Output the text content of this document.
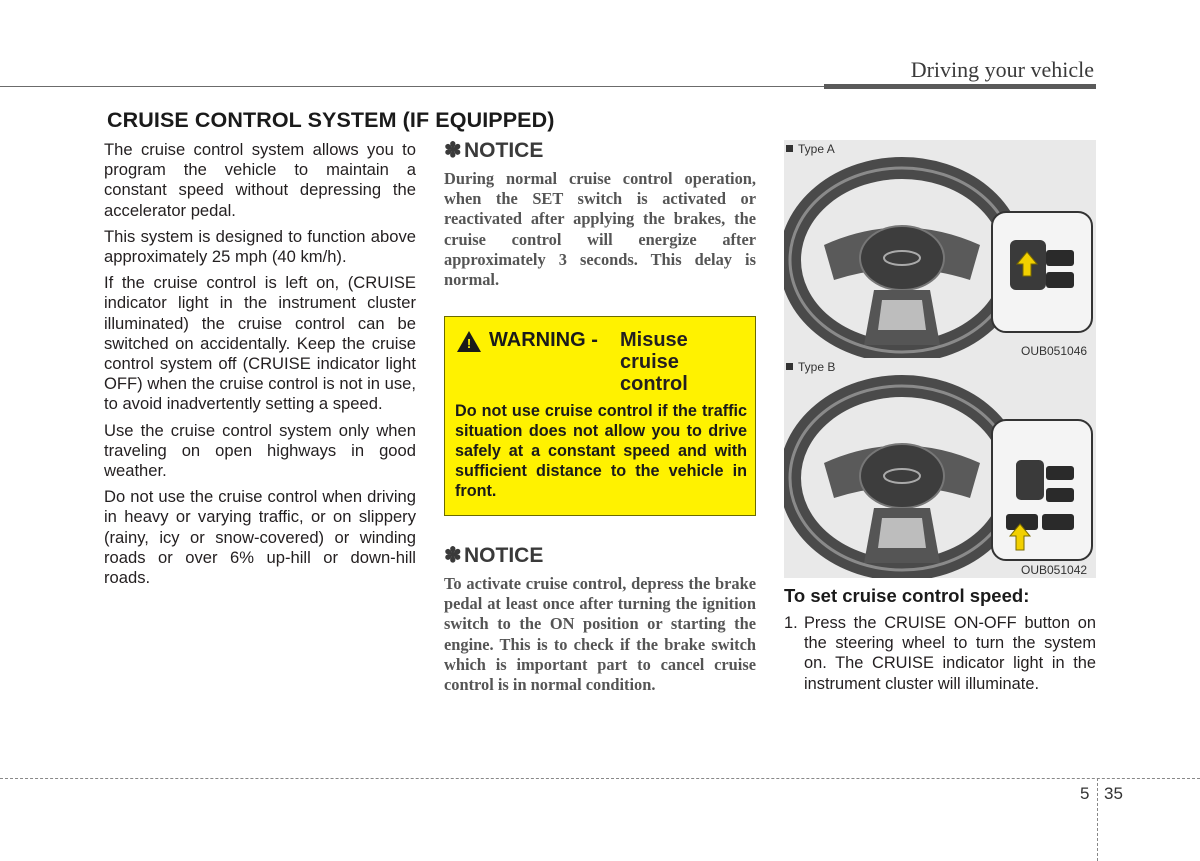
Driving your vehicle
CRUISE CONTROL SYSTEM (IF EQUIPPED)

The cruise control system allows you to program the vehicle to maintain a constant speed without depressing the accelerator pedal.

This system is designed to function above approximately 25 mph (40 km/h).

If the cruise control is left on, (CRUISE indicator light in the instrument cluster illuminated) the cruise control can be switched on accidentally. Keep the cruise control system off (CRUISE indicator light OFF) when the cruise control is not in use, to avoid inadvertently setting a speed.

Use the cruise control system only when traveling on open highways in good weather.

Do not use the cruise control when driving in heavy or varying traffic, or on slippery (rainy, icy or snow-covered) or winding roads or over 6% up-hill or down-hill roads.

✽ NOTICE
During normal cruise control operation, when the SET switch is activated or reactivated after applying the brakes, the cruise control will energize after approximately 3 seconds. This delay is normal.
! WARNING - Misuse cruise control
Do not use cruise control if the traffic situation does not allow you to drive safely at a constant speed and with sufficient distance to the vehicle in front.
✽ NOTICE
To activate cruise control, depress the brake pedal at least once after turning the ignition switch to the ON position or starting the engine. This is to check if the brake switch which is important part to cancel cruise control is in normal condition.
Type A
OUB051046
Type B
OUB051042
To set cruise control speed:
1. Press the CRUISE ON-OFF button on the steering wheel to turn the system on. The CRUISE indicator light in the instrument cluster will illuminate.
5 35
